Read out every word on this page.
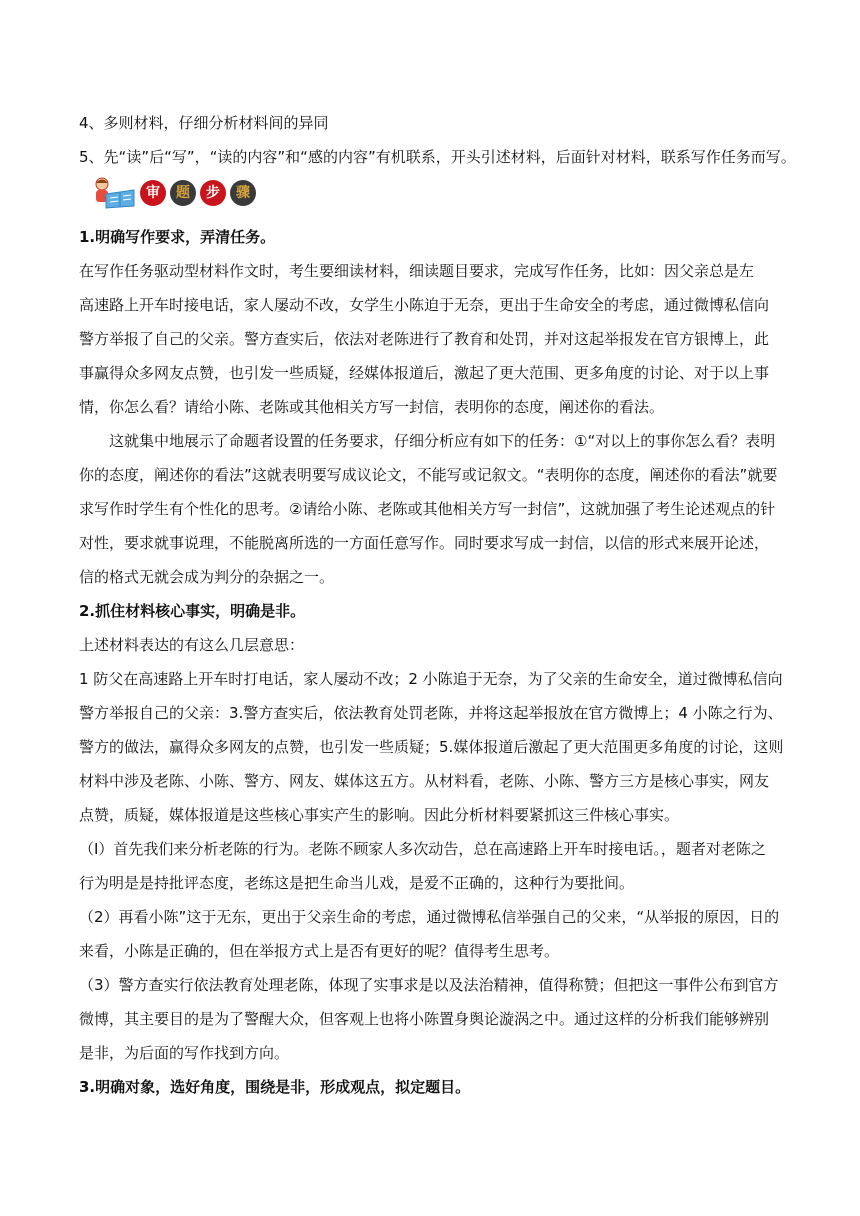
4、多则材料，仔细分析材料间的异同
5、先“读”后“写”，“读的内容”和“感的内容”有机联系，开头引述材料，后面针对材料，联系写作任务而写。
审	题	步	骤
1.明确写作要求，弄清任务。
在写作任务驱动型材料作文时，考生要细读材料，细读题目要求，完成写作任务，比如：因父亲总是左
高速路上开车时接电话，家人屡动不改，女学生小陈迫于无奈，更出于生命安全的考虑，通过微博私信向
警方举报了自己的父亲。警方查实后，依法对老陈进行了教育和处罚，并对这起举报发在官方银博上，此
事赢得众多网友点赞，也引发一些质疑，经媒体报道后，激起了更大范围、更多角度的讨论、对于以上事
情，你怎么看？请给小陈、老陈或其他相关方写一封信，表明你的态度，阐述你的看法。
这就集中地展示了命题者设置的任务要求，仔细分析应有如下的任务：①“对以上的事你怎么看？表明
你的态度，阐述你的看法”这就表明要写成议论文，不能写或记叙文。“表明你的态度，阐述你的看法”就要
求写作时学生有个性化的思考。②请给小陈、老陈或其他相关方写一封信”，这就加强了考生论述观点的针
对性，要求就事说理，不能脱离所选的一方面任意写作。同时要求写成一封信，以信的形式来展开论述，
信的格式无就会成为判分的杂据之一。
2.抓住材料核心事实，明确是非。
上述材料表达的有这么几层意思：
1 防父在高速路上开车时打电话，家人屡动不改；2 小陈追于无奈，为了父亲的生命安全，道过微博私信向
警方举报自己的父亲：3.警方查实后，依法教育处罚老陈，并将这起举报放在官方微博上；4 小陈之行为、
警方的做法，赢得众多网友的点赞，也引发一些质疑；5.媒体报道后激起了更大范围更多角度的讨论，这则
材料中涉及老陈、小陈、警方、网友、媒体这五方。从材料看，老陈、小陈、警方三方是核心事实，网友
点赞，质疑，媒体报道是这些核心事实产生的影响。因此分析材料要紧抓这三件核心事实。
（I）首先我们来分析老陈的行为。老陈不顾家人多次动告，总在高速路上开车时接电话。，题者对老陈之
行为明是是持批评态度，老练这是把生命当儿戏，是爱不正确的，这种行为要批间。
（2）再看小陈”这于无东，更出于父亲生命的考虑，通过微博私信举强自己的父来，“从举报的原因，日的
来看，小陈是正确的，但在举报方式上是否有更好的呢？值得考生思考。
（3）警方查实行依法教育处理老陈，体现了实事求是以及法治精神，值得称赞；但把这一事件公布到官方
微博，其主要目的是为了警醒大众，但客观上也将小陈置身舆论漩涡之中。通过这样的分析我们能够辨别
是非，为后面的写作找到方向。
3.明确对象，选好角度，围绕是非，形成观点，拟定题目。
